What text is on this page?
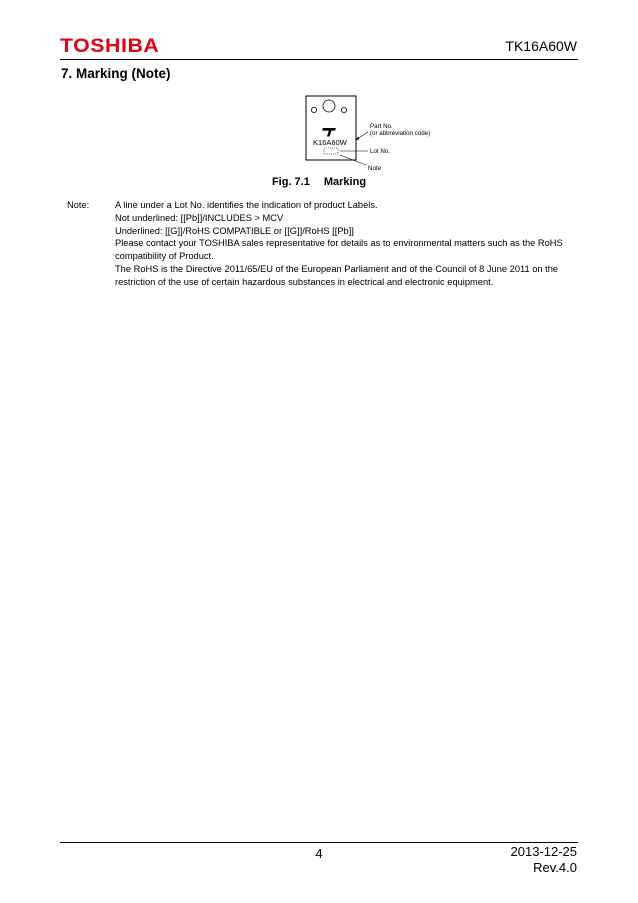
TOSHIBA	TK16A60W
7. Marking (Note)
K16A60W
Part No.
(or abbreviation code)
Lot No.
Note
Fig. 7.1 Marking
Note:	A line under a Lot No. identifies the indication of product Labels.
Not underlined: [[Pb]]/INCLUDES > MCV
Underlined: [[G]]/RoHS COMPATIBLE or [[G]]/RoHS [[Pb]]
Please contact your TOSHIBA sales representative for details as to environmental matters such as the RoHS compatibility of Product.
The RoHS is the Directive 2011/65/EU of the European Parliament and of the Council of 8 June 2011 on the restriction of the use of certain hazardous substances in electrical and electronic equipment.
4	2013-12-25
Rev.4.0
